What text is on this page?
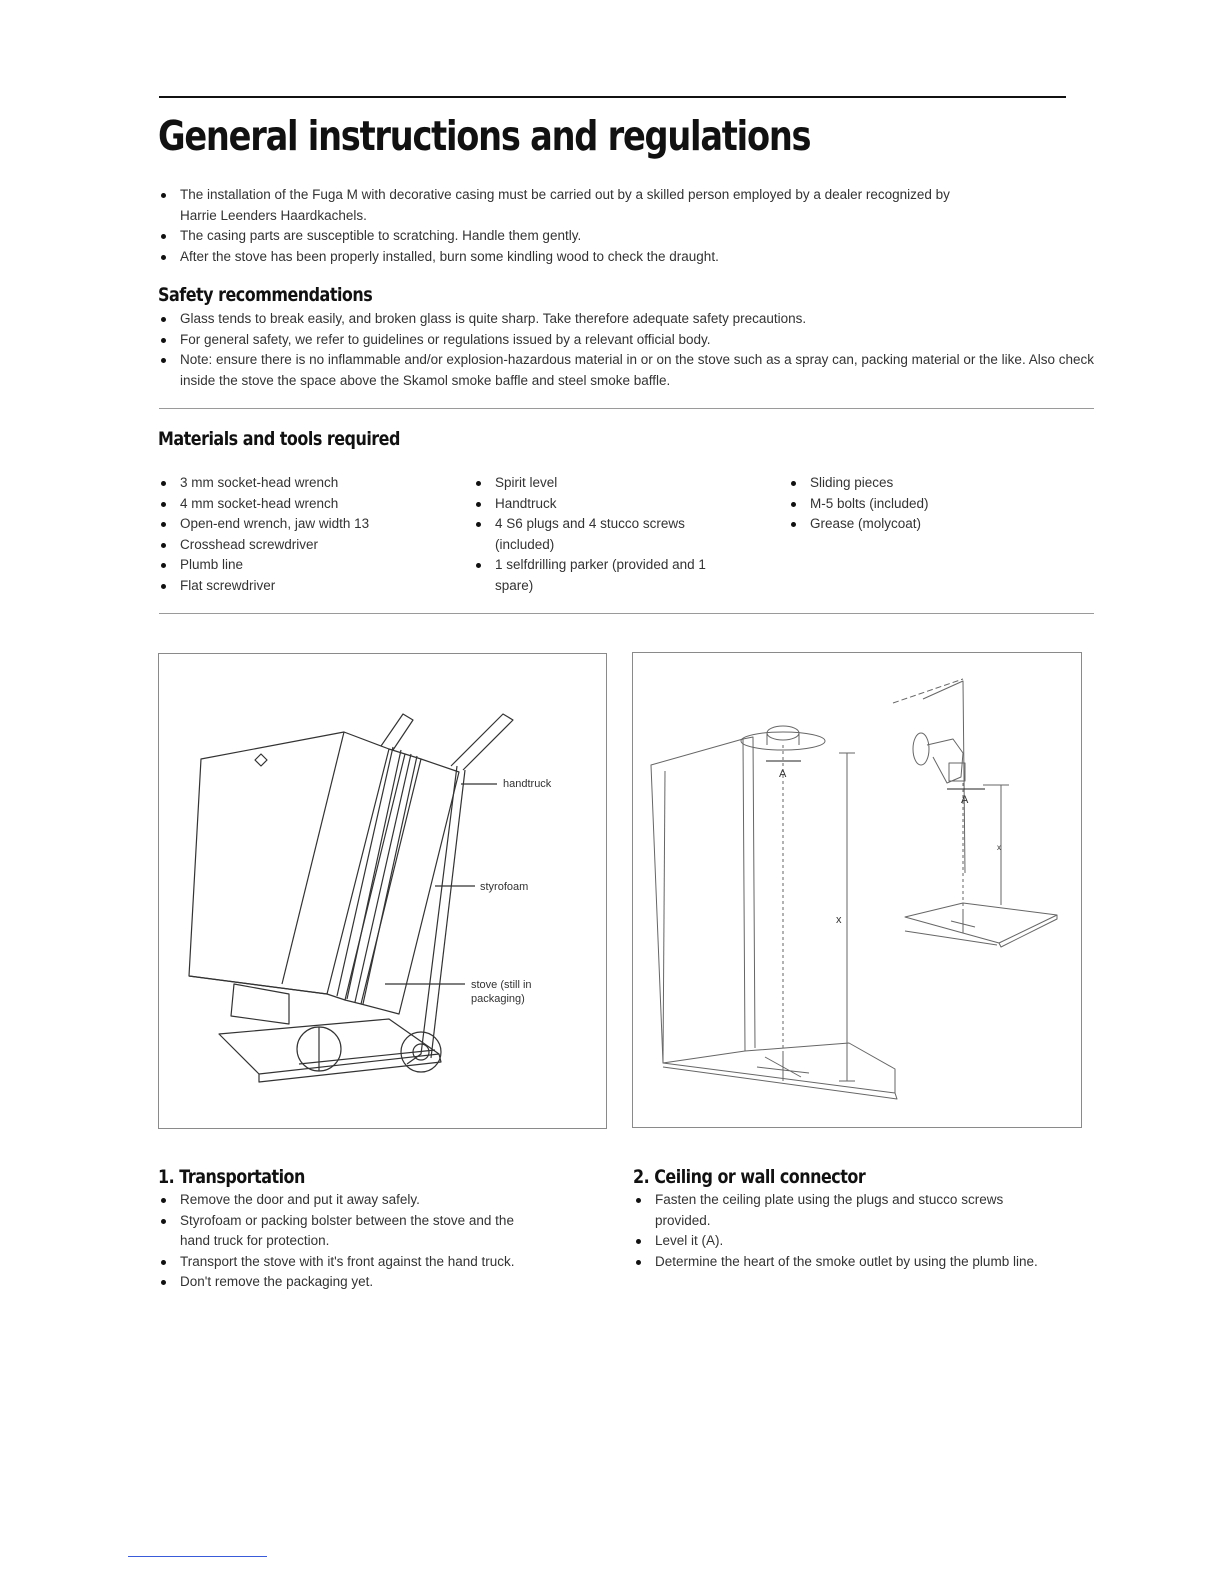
General instructions and regulations
The installation of the Fuga M with decorative casing must be carried out by a skilled person employed by a dealer recognized by Harrie Leenders Haardkachels.
The casing parts are susceptible to scratching. Handle them gently.
After the stove has been properly installed, burn some kindling wood to check the draught.
Safety recommendations
Glass tends to break easily, and broken glass is quite sharp. Take therefore adequate safety precautions.
For general safety, we refer to guidelines or regulations issued by a relevant official body.
Note: ensure there is no inflammable and/or explosion-hazardous material in or on the stove such as a spray can, packing material or the like. Also check inside the stove the space above the Skamol smoke baffle and steel smoke baffle.
Materials and tools required
3 mm socket-head wrench
4 mm socket-head wrench
Open-end wrench, jaw width 13
Crosshead screwdriver
Plumb line
Flat screwdriver
Spirit level
Handtruck
4 S6 plugs and 4 stucco screws (included)
1 selfdrilling parker (provided and 1 spare)
Sliding pieces
M-5 bolts (included)
Grease (molycoat)
handtruck
styrofoam
stove (still in
packaging)
A
A
x
x
1. Transportation
Remove the door and put it away safely.
Styrofoam or packing bolster between the stove and the hand truck for protection.
Transport the stove with it's front against the hand truck.
Don't remove the packaging yet.
2. Ceiling or wall connector
Fasten the ceiling plate using the plugs and stucco screws provided.
Level it (A).
Determine the heart of the smoke outlet by using the plumb line.
